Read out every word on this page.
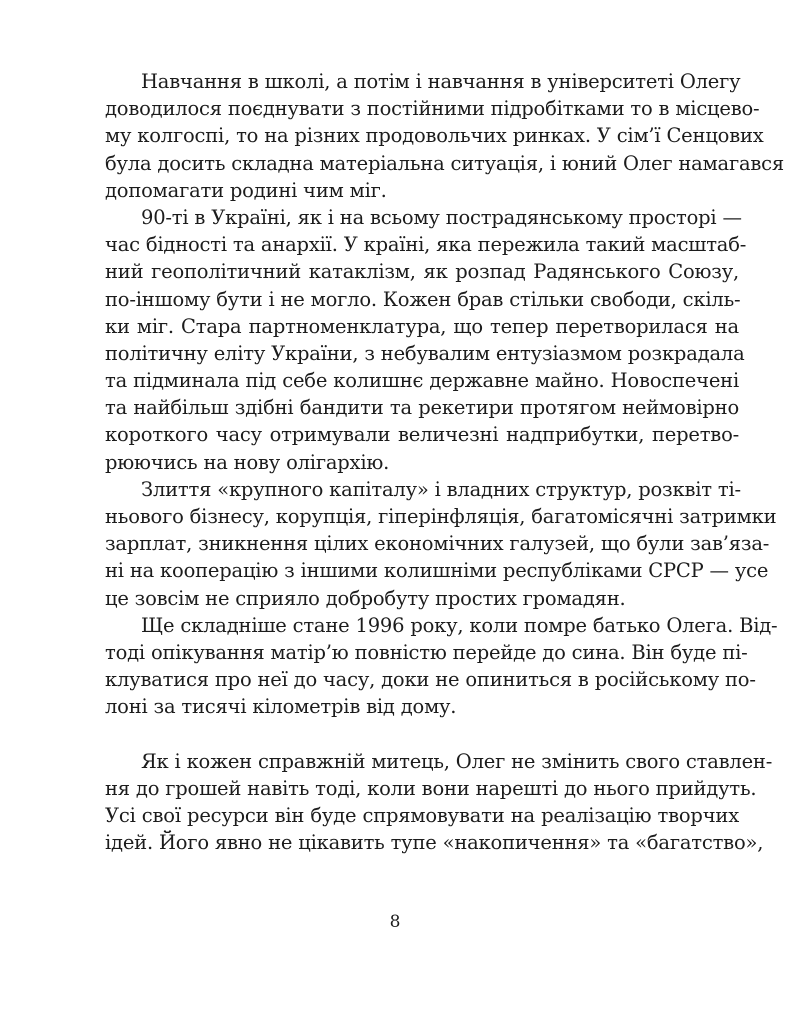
Навчання в школі, а потім і навчання в університеті Олегу
доводилося поєднувати з постійними підробітками то в місцево-
му колгоспі, то на різних продовольчих ринках. У сім’ї Сенцових
була досить складна матеріальна ситуація, і юний Олег намагався
допомагати родині чим міг.
90-ті в Україні, як і на всьому пострадянському просторі —
час бідності та анархії. У країні, яка пережила такий масштаб-
ний геополітичний катаклізм, як розпад Радянського Союзу,
по-іншому бути і не могло. Кожен брав стільки свободи, скіль-
ки міг. Стара партноменклатура, що тепер перетворилася на
політичну еліту України, з небувалим ентузіазмом розкрадала
та підминала під себе колишнє державне майно. Новоспечені
та найбільш здібні бандити та рекетири протягом неймовірно
короткого часу отримували величезні надприбутки, перетво-
рюючись на нову олігархію.
Злиття «крупного капіталу» і владних структур, розквіт ті-
ньового бізнесу, корупція, гіперінфляція, багатомісячні затримки
зарплат, зникнення цілих економічних галузей, що були зав’яза-
ні на кооперацію з іншими колишніми республіками СРСР — усе
це зовсім не сприяло добробуту простих громадян.
Ще складніше стане 1996 року, коли помре батько Олега. Від-
тоді опікування матір’ю повністю перейде до сина. Він буде пі-
клуватися про неї до часу, доки не опиниться в російському по-
лоні за тисячі кілометрів від дому.
Як і кожен справжній митець, Олег не змінить свого ставлен-
ня до грошей навіть тоді, коли вони нарешті до нього прийдуть.
Усі свої ресурси він буде спрямовувати на реалізацію творчих
ідей. Його явно не цікавить тупе «накопичення» та «багатство»,
8
